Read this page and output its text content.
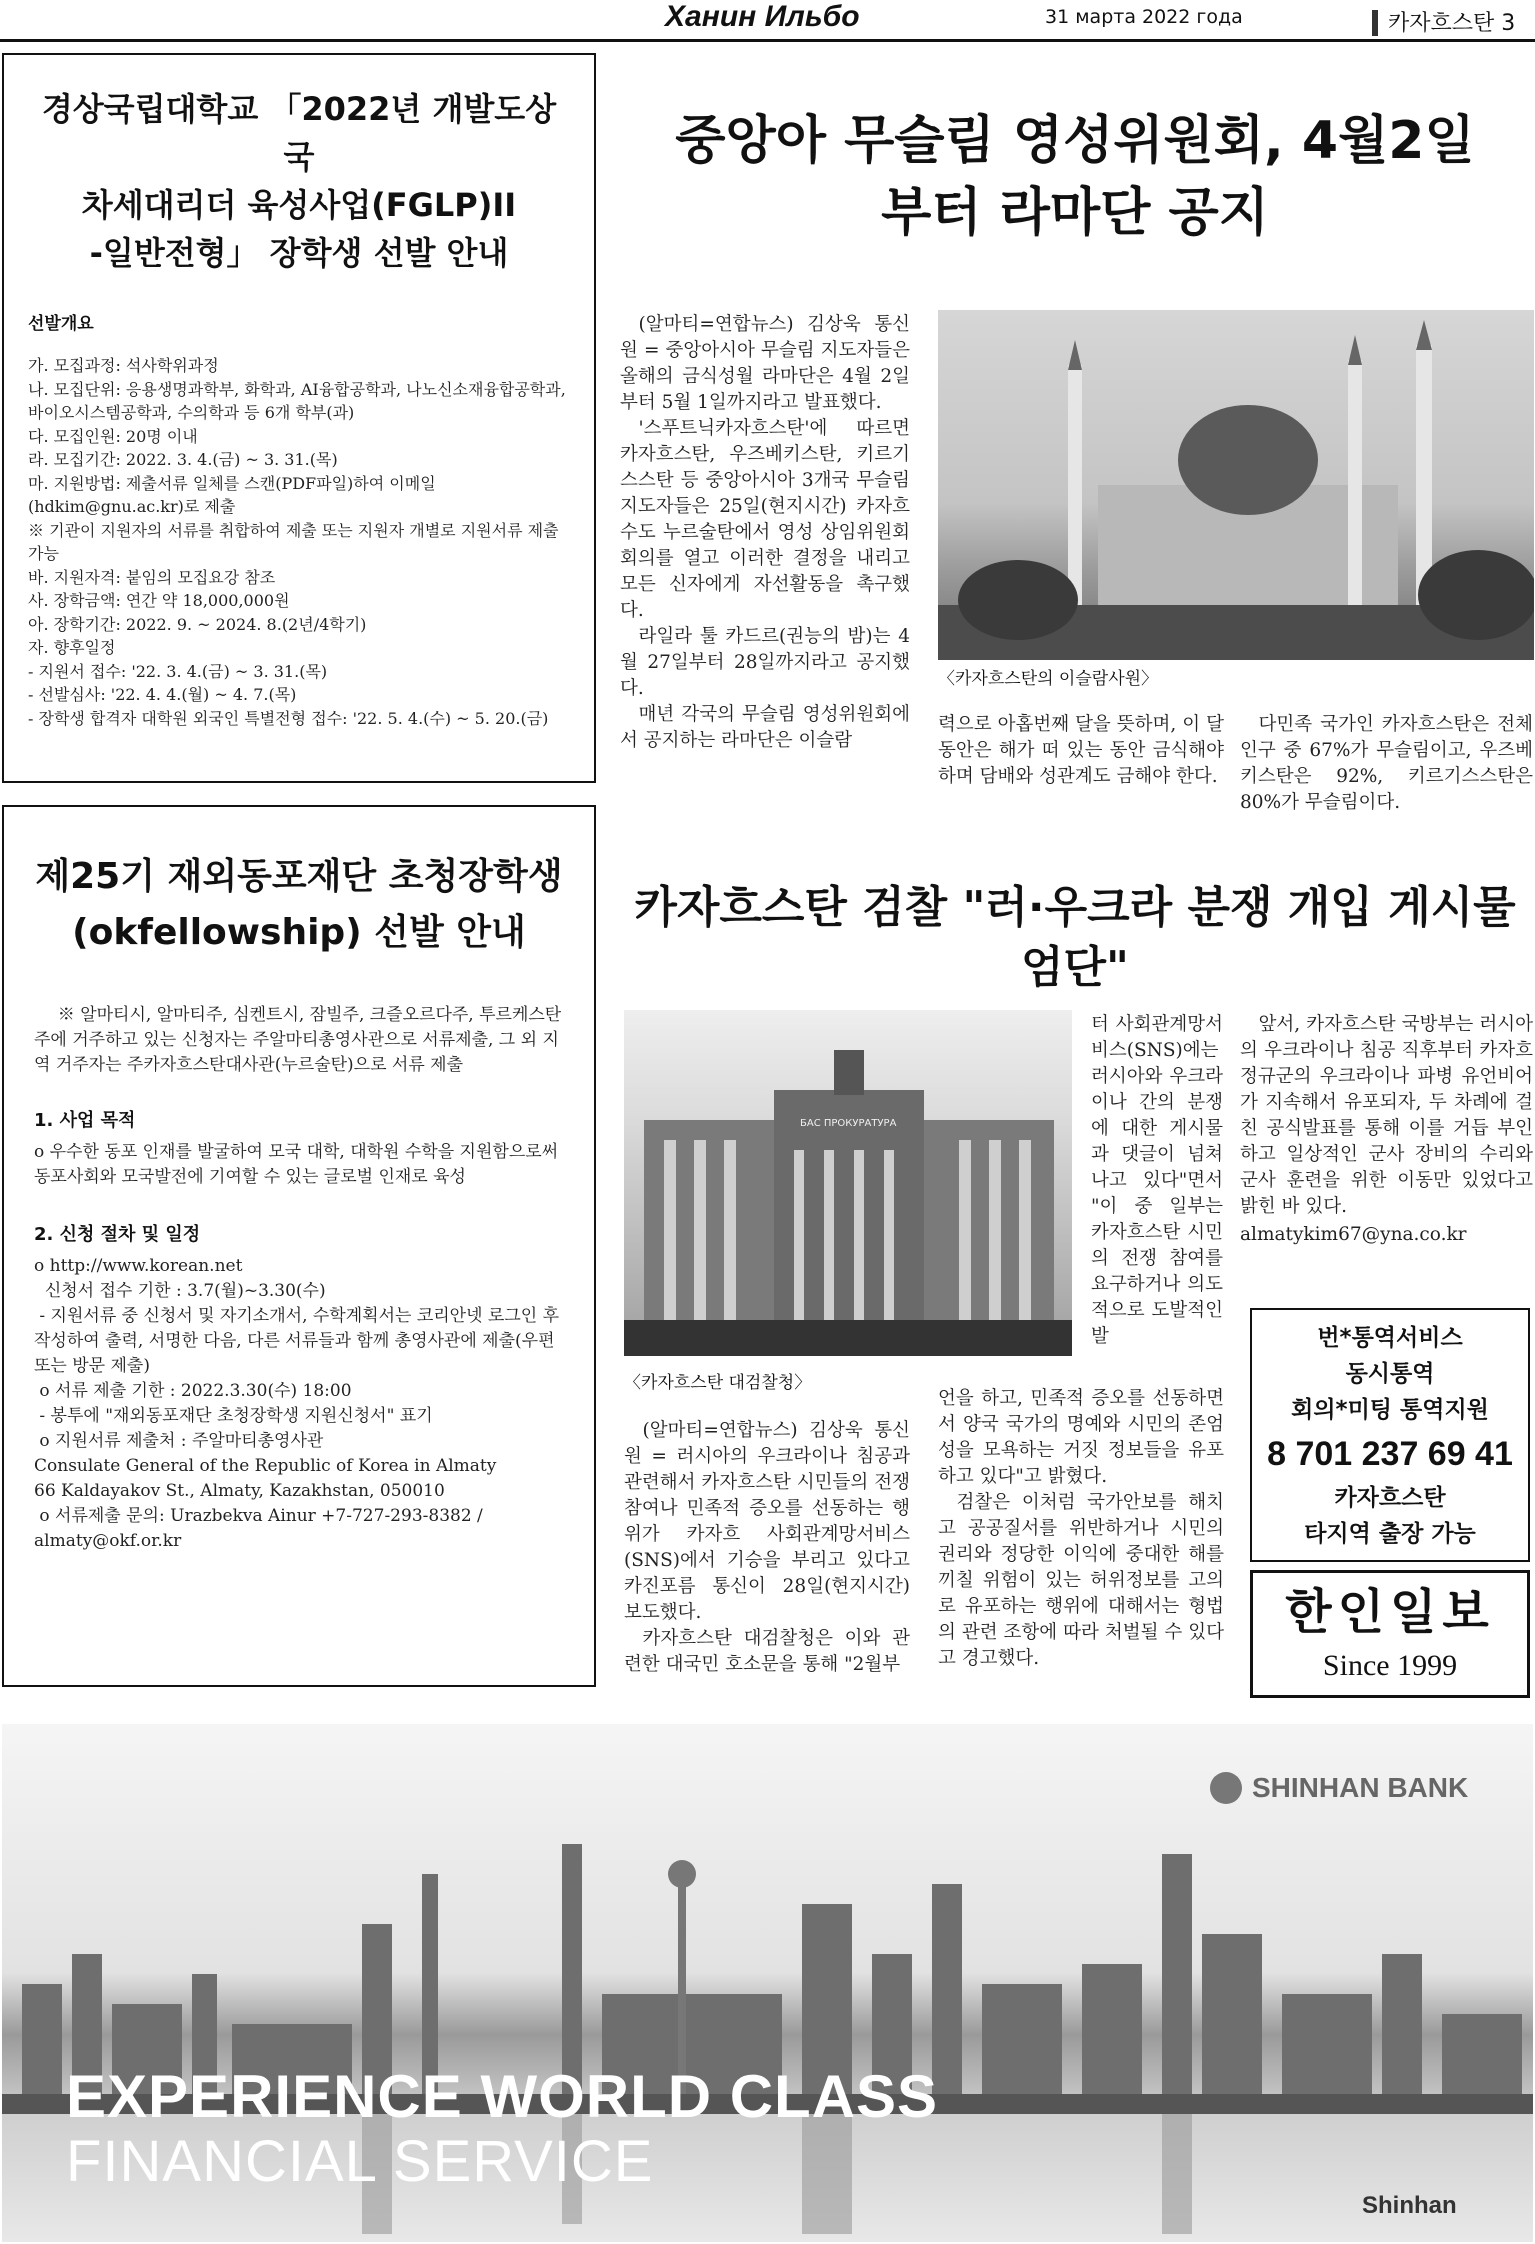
Ханин Ильбо	31 марта 2022 года	카자흐스탄 3
경상국립대학교 「2022년 개발도상국
차세대리더 육성사업(FGLP)II
-일반전형」 장학생 선발 안내
선발개요

가. 모집과정: 석사학위과정

나. 모집단위: 응용생명과학부, 화학과, AI융합공학과, 나노신소재융합공학과, 바이오시스템공학과, 수의학과 등 6개 학부(과)

다. 모집인원: 20명 이내

라. 모집기간: 2022. 3. 4.(금) ~ 3. 31.(목)

마. 지원방법: 제출서류 일체를 스캔(PDF파일)하여 이메일(hdkim@gnu.ac.kr)로 제출

※ 기관이 지원자의 서류를 취합하여 제출 또는 지원자 개별로 지원서류 제출 가능

바. 지원자격: 붙임의 모집요강 참조

사. 장학금액: 연간 약 18,000,000원

아. 장학기간: 2022. 9. ~ 2024. 8.(2년/4학기)

자. 향후일정

- 지원서 접수: '22. 3. 4.(금) ~ 3. 31.(목)

- 선발심사: '22. 4. 4.(월) ~ 4. 7.(목)

- 장학생 합격자 대학원 외국인 특별전형 접수: '22. 5. 4.(수) ~ 5. 20.(금)

제25기 재외동포재단 초청장학생
(okfellowship) 선발 안내
※ 알마티시, 알마티주, 심켄트시, 잠빌주, 크즐오르다주, 투르케스탄주에 거주하고 있는 신청자는 주알마티총영사관으로 서류제출, 그 외 지역 거주자는 주카자흐스탄대사관(누르술탄)으로 서류 제출
1. 사업 목적
o 우수한 동포 인재를 발굴하여 모국 대학, 대학원 수학을 지원함으로써 동포사회와 모국발전에 기여할 수 있는 글로벌 인재로 육성
2. 신청 절차 및 일정

o http://www.korean.net

신청서 접수 기한 : 3.7(월)~3.30(수)

- 지원서류 중 신청서 및 자기소개서, 수학계획서는 코리안넷 로그인 후 작성하여 출력, 서명한 다음, 다른 서류들과 함께 총영사관에 제출(우편 또는 방문 제출)

o 서류 제출 기한 : 2022.3.30(수) 18:00

- 봉투에 "재외동포재단 초청장학생 지원신청서" 표기

o 지원서류 제출처 : 주알마티총영사관

Consulate General of the Republic of Korea in Almaty

66 Kaldayakov St., Almaty, Kazakhstan, 050010

o 서류제출 문의: Urazbekva Ainur +7-727-293-8382 / almaty@okf.or.kr

중앙아 무슬림 영성위원회, 4월2일
부터 라마단 공지

(알마티=연합뉴스) 김상욱 통신원 = 중앙아시아 무슬림 지도자들은 올해의 금식성월 라마단은 4월 2일부터 5월 1일까지라고 발표했다.

'스푸트닉카자흐스탄'에 따르면 카자흐스탄, 우즈베키스탄, 키르기스스탄 등 중앙아시아 3개국 무슬림 지도자들은 25일(현지시간) 카자흐 수도 누르술탄에서 영성 상임위원회 회의를 열고 이러한 결정을 내리고 모든 신자에게 자선활동을 촉구했다.

라일라 툴 카드르(권능의 밤)는 4월 27일부터 28일까지라고 공지했다.

매년 각국의 무슬림 영성위원회에서 공지하는 라마단은 이슬람

〈카자흐스탄의 이슬람사원〉

력으로 아홉번째 달을 뜻하며, 이 달 동안은 해가 떠 있는 동안 금식해야 하며 담배와 성관계도 금해야 한다.

다민족 국가인 카자흐스탄은 전체인구 중 67%가 무슬림이고, 우즈베키스탄은 92%, 키르기스스탄은 80%가 무슬림이다.

카자흐스탄 검찰 "러·우크라 분쟁 개입 게시물 엄단"
БАС ПРОКУРАТУРА
〈카자흐스탄 대검찰청〉

(알마티=연합뉴스) 김상욱 통신원 = 러시아의 우크라이나 침공과 관련해서 카자흐스탄 시민들의 전쟁참여나 민족적 증오를 선동하는 행위가 카자흐 사회관계망서비스(SNS)에서 기승을 부리고 있다고 카진포름 통신이 28일(현지시간) 보도했다.

카자흐스탄 대검찰청은 이와 관련한 대국민 호소문을 통해 "2월부

터 사회관계망서비스(SNS)에는 러시아와 우크라이나 간의 분쟁에 대한 게시물과 댓글이 넘쳐나고 있다"면서 "이 중 일부는 카자흐스탄 시민의 전쟁 참여를 요구하거나 의도적으로 도발적인 발

언을 하고, 민족적 증오를 선동하면서 양국 국가의 명예와 시민의 존엄성을 모욕하는 거짓 정보들을 유포하고 있다"고 밝혔다.

검찰은 이처럼 국가안보를 해치고 공공질서를 위반하거나 시민의 권리와 정당한 이익에 중대한 해를 끼칠 위험이 있는 허위정보를 고의로 유포하는 행위에 대해서는 형법의 관련 조항에 따라 처벌될 수 있다고 경고했다.

앞서, 카자흐스탄 국방부는 러시아의 우크라이나 침공 직후부터 카자흐 정규군의 우크라이나 파병 유언비어가 지속해서 유포되자, 두 차례에 걸친 공식발표를 통해 이를 거듭 부인하고 일상적인 군사 장비의 수리와 군사 훈련을 위한 이동만 있었다고 밝힌 바 있다.

almatykim67@yna.co.kr

번*통역서비스
동시통역
회의*미팅 통역지원
8 701 237 69 41
카자흐스탄
타지역 출장 가능
한인일보
Since 1999
SHINHAN BANK
EXPERIENCE WORLD CLASS
FINANCIAL SERVICE
Shinhan
